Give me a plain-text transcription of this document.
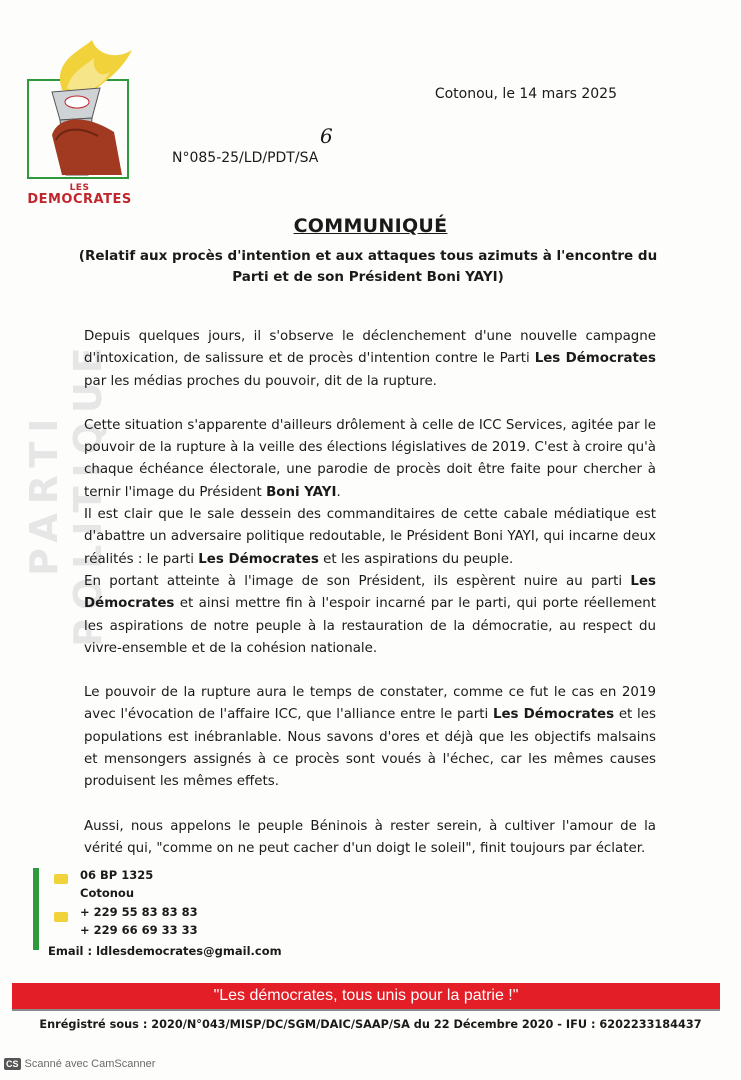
LES
DEMOCRATES
Cotonou, le 14 mars 2025
6
N°085-25/LD/PDT/SA
COMMUNIQUÉ
(Relatif aux procès d'intention et aux attaques tous azimuts à l'encontre du Parti et de son Président Boni YAYI)
PARTI POLITIQUE

Depuis quelques jours, il s'observe le déclenchement d'une nouvelle campagne d'intoxication, de salissure et de procès d'intention contre le Parti Les Démocrates par les médias proches du pouvoir, dit de la rupture.

Cette situation s'apparente d'ailleurs drôlement à celle de ICC Services, agitée par le pouvoir de la rupture à la veille des élections législatives de 2019. C'est à croire qu'à chaque échéance électorale, une parodie de procès doit être faite pour chercher à ternir l'image du Président Boni YAYI.

Il est clair que le sale dessein des commanditaires de cette cabale médiatique est d'abattre un adversaire politique redoutable, le Président Boni YAYI, qui incarne deux réalités : le parti Les Démocrates et les aspirations du peuple.

En portant atteinte à l'image de son Président, ils espèrent nuire au parti Les Démocrates et ainsi mettre fin à l'espoir incarné par le parti, qui porte réellement les aspirations de notre peuple à la restauration de la démocratie, au respect du vivre-ensemble et de la cohésion nationale.

Le pouvoir de la rupture aura le temps de constater, comme ce fut le cas en 2019 avec l'évocation de l'affaire ICC, que l'alliance entre le parti Les Démocrates et les populations est inébranlable. Nous savons d'ores et déjà que les objectifs malsains et mensongers assignés à ce procès sont voués à l'échec, car les mêmes causes produisent les mêmes effets.

Aussi, nous appelons le peuple Béninois à rester serein, à cultiver l'amour de la vérité qui, "comme on ne peut cacher d'un doigt le soleil", finit toujours par éclater.

06 BP 1325
Cotonou
+ 229 55 83 83 83
+ 229 66 69 33 33
Email : ldlesdemocrates@gmail.com
"Les démocrates, tous unis pour la patrie !"
Enrégistré sous : 2020/N°043/MISP/DC/SGM/DAIC/SAAP/SA du 22 Décembre 2020 - IFU : 6202233184437
CS Scanné avec CamScanner
